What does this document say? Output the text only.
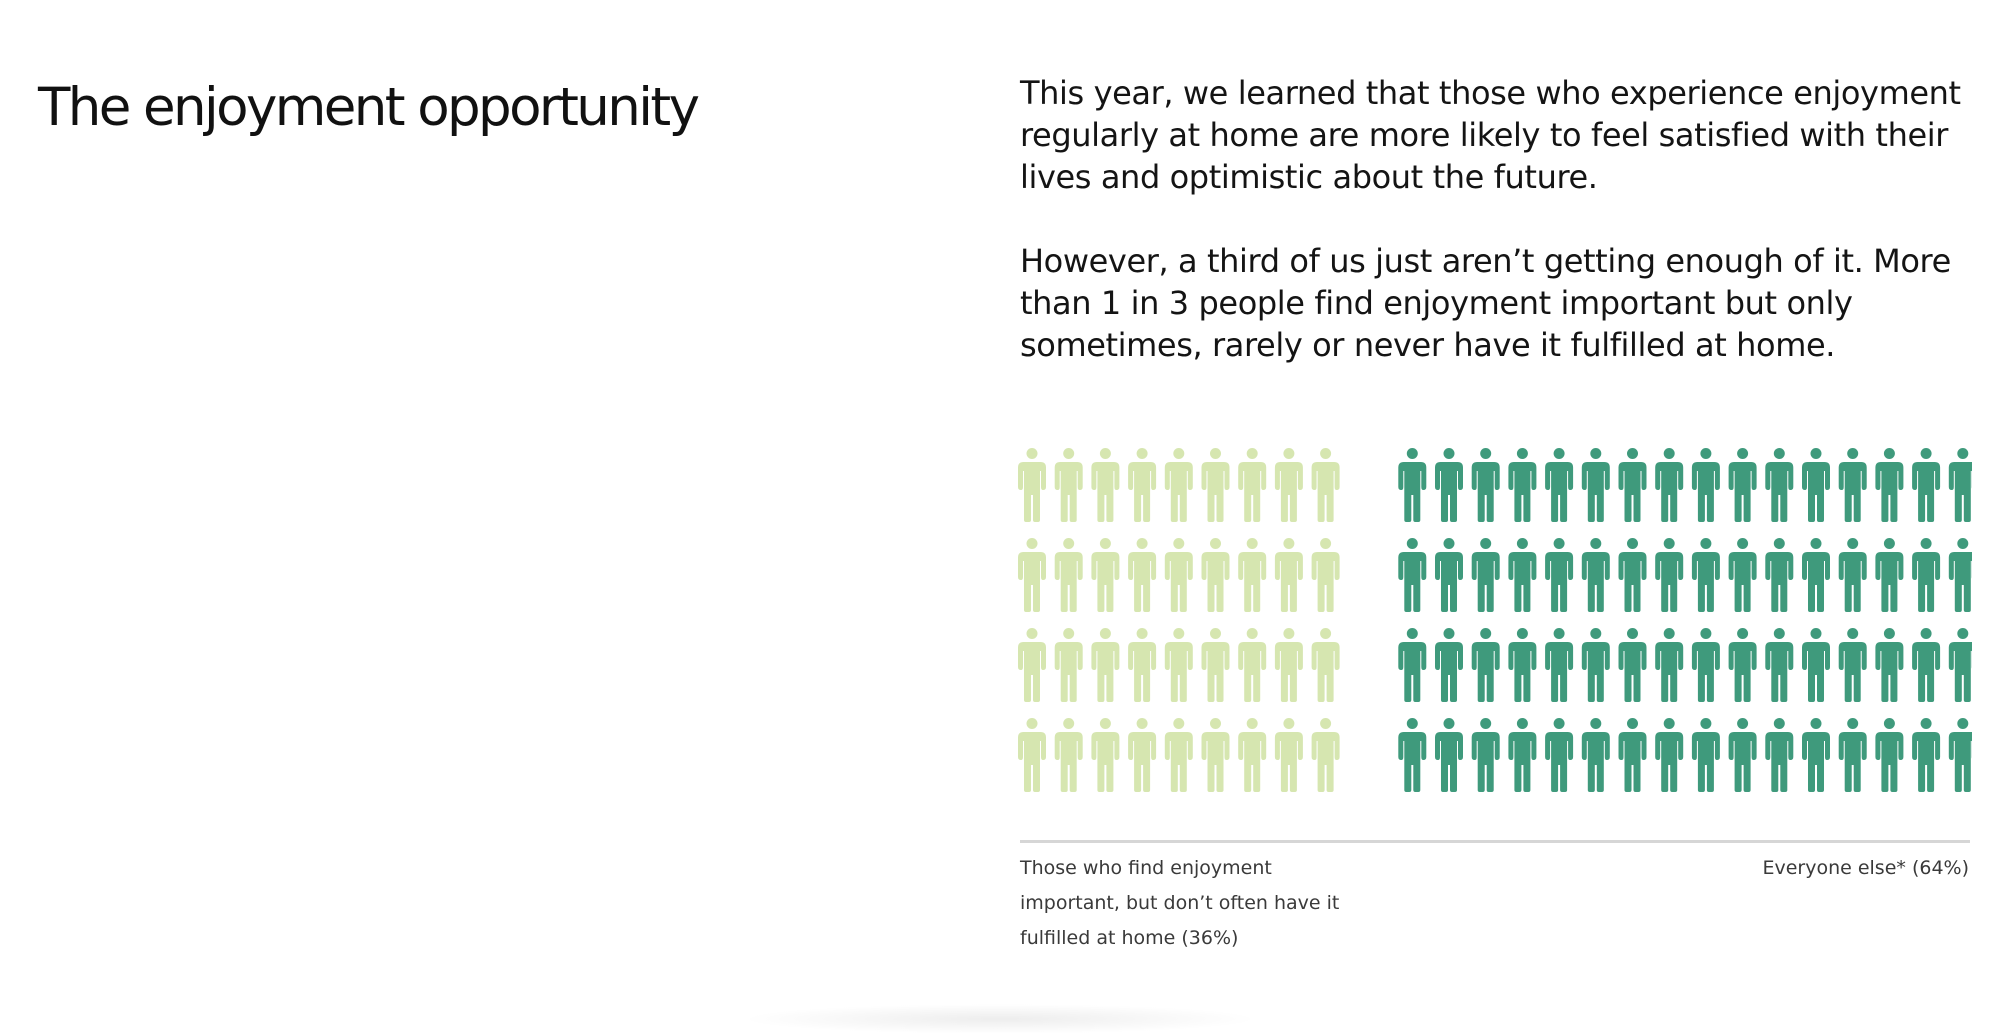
The enjoyment opportunity	This year, we learned that those who experience enjoyment regularly at home are more likely to feel satisfied with their lives and optimistic about the future.

However, a third of us just aren’t getting enough of it. More than 1 in 3 people find enjoyment important but only sometimes, rarely or never have it fulfilled at home.

Those who find enjoyment important, but don’t often have it fulfilled at home (36%)
Everyone else* (64%)
